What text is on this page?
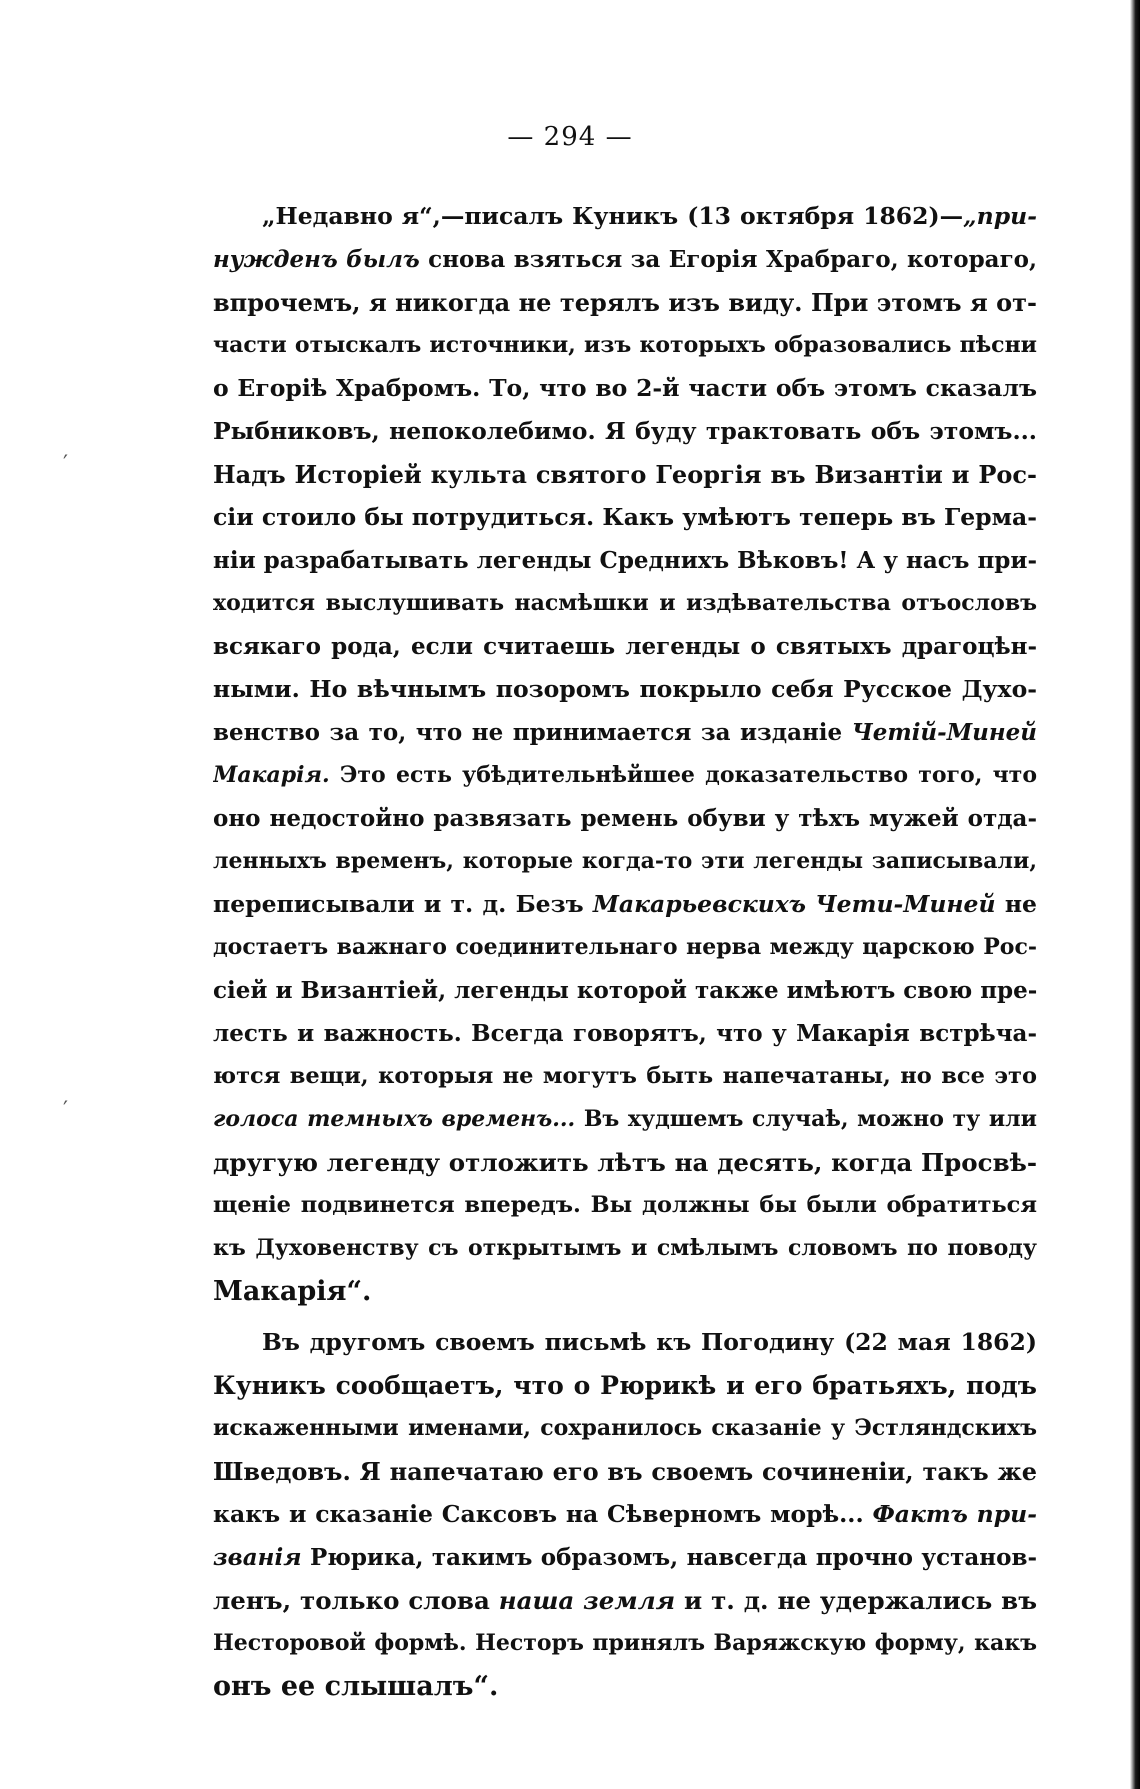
′
′
— 294 —
„Недавно я“,—писалъ Куникъ (13 октября 1862)—„при-
нужденъ былъ снова взяться за Егорія Храбраго, котораго,
впрочемъ, я никогда не терялъ изъ виду. При этомъ я от-
части отыскалъ источники, изъ которыхъ образовались пѣсни
о Егоріѣ Храбромъ. То, что во 2-й части объ этомъ сказалъ
Рыбниковъ, непоколебимо. Я буду трактовать объ этомъ...
Надъ Исторіей культа святого Георгія въ Византіи и Рос-
сіи стоило бы потрудиться. Какъ умѣютъ теперь въ Герма-
ніи разрабатывать легенды Среднихъ Вѣковъ! А у насъ при-
ходится выслушивать насмѣшки и издѣвательства отъословъ
всякаго рода, если считаешь легенды о святыхъ драгоцѣн-
ными. Но вѣчнымъ позоромъ покрыло себя Русское Духо-
венство за то, что не принимается за изданіе Четій-Миней
Макарія. Это есть убѣдительнѣйшее доказательство того, что
оно недостойно развязать ремень обуви у тѣхъ мужей отда-
ленныхъ временъ, которые когда-то эти легенды записывали,
переписывали и т. д. Безъ Макарьевскихъ Чети-Миней не
достаетъ важнаго соединительнаго нерва между царскою Рос-
сіей и Византіей, легенды которой также имѣютъ свою пре-
лесть и важность. Всегда говорятъ, что у Макарія встрѣча-
ются вещи, которыя не могутъ быть напечатаны, но все это
голоса темныхъ временъ... Въ худшемъ случаѣ, можно ту или
другую легенду отложить лѣтъ на десять, когда Просвѣ-
щеніе подвинется впередъ. Вы должны бы были обратиться
къ Духовенству съ открытымъ и смѣлымъ словомъ по поводу
Макарія“.
Въ другомъ своемъ письмѣ къ Погодину (22 мая 1862)
Куникъ сообщаетъ, что о Рюрикѣ и его братьяхъ, подъ
искаженными именами, сохранилось сказаніе у Эстляндскихъ
Шведовъ. Я напечатаю его въ своемъ сочиненіи, такъ же
какъ и сказаніе Саксовъ на Сѣверномъ морѣ... Фактъ при-
званія Рюрика, такимъ образомъ, навсегда прочно установ-
ленъ, только слова наша земля и т. д. не удержались въ
Несторовой формѣ. Несторъ принялъ Варяжскую форму, какъ
онъ ее слышалъ“.
